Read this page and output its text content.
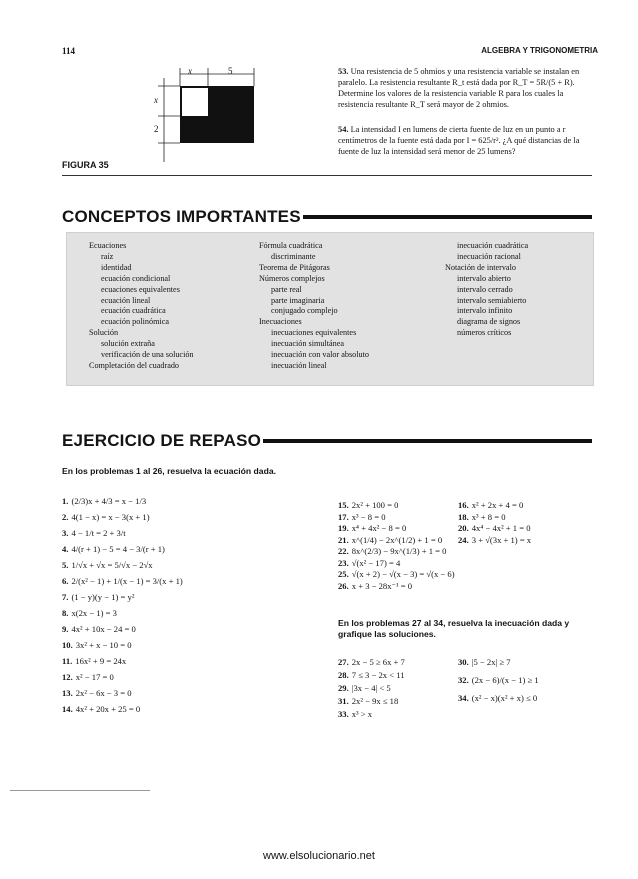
114	ALGEBRA Y TRIGONOMETRIA
x	5
x
2
FIGURA 35
53. Una resistencia de 5 ohmios y una resistencia variable se instalan en paralelo. La resistencia resultante R_t está dada por R_T = 5R/(5 + R). Determine los valores de la resistencia variable R para los cuales la resistencia resultante R_T será mayor de 2 ohmios.
54. La intensidad I en lumens de cierta fuente de luz en un punto a r centímetros de la fuente está dada por I = 625/r². ¿A qué distancias de la fuente de luz la intensidad será menor de 25 lumens?
CONCEPTOS IMPORTANTES
Ecuaciones
raíz
identidad
ecuación condicional
ecuaciones equivalentes
ecuación lineal
ecuación cuadrática
ecuación polinómica
Solución
solución extraña
verificación de una solución
Completación del cuadrado
Fórmula cuadrática
discriminante
Teorema de Pitágoras
Números complejos
parte real
parte imaginaria
conjugado complejo
Inecuaciones
inecuaciones equivalentes
inecuación simultánea
inecuación con valor absoluto
inecuación lineal
inecuación cuadrática
inecuación racional
Notación de intervalo
intervalo abierto
intervalo cerrado
intervalo semiabierto
intervalo infinito
diagrama de signos
números críticos
EJERCICIO DE REPASO
En los problemas 1 al 26, resuelva la ecuación dada.
1. (2/3)x + 4/3 = x − 1/3
2. 4(1 − x) = x − 3(x + 1)
3. 4 − 1/t = 2 + 3/t
4. 4/(r + 1) − 5 = 4 − 3/(r + 1)
5. 1/√x + √x = 5/√x − 2√x
6. 2/(x² − 1) + 1/(x − 1) = 3/(x + 1)
7. (1 − y)(y − 1) = y²
8. x(2x − 1) = 3
9. 4x² + 10x − 24 = 0
10. 3x² + x − 10 = 0
11. 16x² + 9 = 24x
12. x² − 17 = 0
13. 2x² − 6x − 3 = 0
14. 4x² + 20x + 25 = 0
15. 2x² + 100 = 0
17. x³ − 8 = 0
19. x⁴ + 4x² − 8 = 0
21. x^(1/4) − 2x^(1/2) + 1 = 0
22. 8x^(2/3) − 9x^(1/3) + 1 = 0
23. √(x² − 17) = 4
25. √(x + 2) − √(x − 3) = √(x − 6)
26. x + 3 − 28x⁻¹ = 0
16. x² + 2x + 4 = 0
18. x³ + 8 = 0
20. 4x⁴ − 4x² + 1 = 0
24. 3 + √(3x + 1) = x
En los problemas 27 al 34, resuelva la inecuación dada y grafique las soluciones.
27. 2x − 5 ≥ 6x + 7
28. 7 ≤ 3 − 2x < 11
29. |3x − 4| < 5
31. 2x² − 9x ≤ 18
33. x³ > x
30. |5 − 2x| ≥ 7
32. (2x − 6)/(x − 1) ≥ 1
34. (x² − x)(x² + x) ≤ 0
www.elsolucionario.net
